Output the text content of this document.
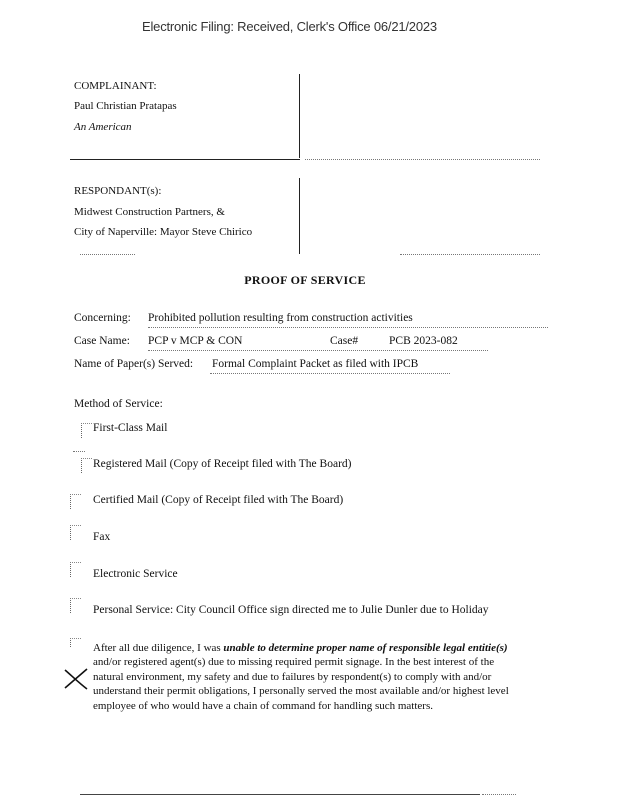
Electronic Filing: Received, Clerk's Office 06/21/2023
COMPLAINANT:
Paul Christian Pratapas
An American
RESPONDANT(s):
Midwest Construction Partners, &
City of Naperville: Mayor Steve Chirico
PROOF OF SERVICE
Concerning: Prohibited pollution resulting from construction activities
Case Name: PCP v MCP & CON	Case#	PCB 2023-082
Name of Paper(s) Served: Formal Complaint Packet as filed with IPCB
Method of Service:
First-Class Mail
Registered Mail (Copy of Receipt filed with The Board)
Certified Mail (Copy of Receipt filed with The Board)
Fax
Electronic Service
Personal Service: City Council Office sign directed me to Julie Dunler due to Holiday
After all due diligence, I was unable to determine proper name of responsible legal entitie(s) and/or registered agent(s) due to missing required permit signage. In the best interest of the natural environment, my safety and due to failures by respondent(s) to comply with and/or understand their permit obligations, I personally served the most available and/or highest level employee of who would have a chain of command for handling such matters.
